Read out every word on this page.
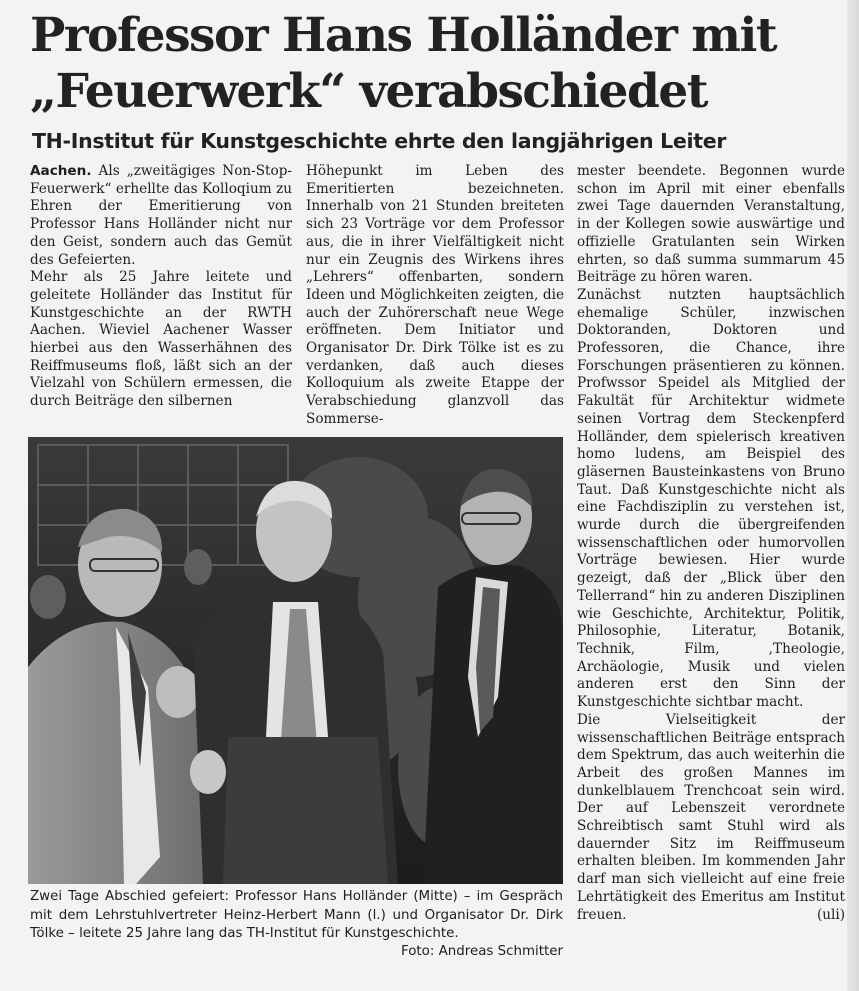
Professor Hans Holländer mit
„Feuerwerk“ verabschiedet
TH-Institut für Kunstgeschichte ehrte den langjährigen Leiter

Aachen. Als „zweitägiges Non-Stop-Feuerwerk“ erhellte das Kolloqium zu Ehren der Emeritierung von Professor Hans Holländer nicht nur den Geist, sondern auch das Gemüt des Gefeierten.

Mehr als 25 Jahre leitete und geleitete Holländer das Institut für Kunstgeschichte an der RWTH Aachen. Wieviel Aachener Wasser hierbei aus den Wasserhähnen des Reiffmuseums floß, läßt sich an der Vielzahl von Schülern ermessen, die durch Beiträge den silbernen

Höhepunkt im Leben des Emeritierten bezeichneten. Innerhalb von 21 Stunden breiteten sich 23 Vorträge vor dem Professor aus, die in ihrer Vielfältigkeit nicht nur ein Zeugnis des Wirkens ihres „Lehrers“ offenbarten, sondern Ideen und Möglichkeiten zeigten, die auch der Zuhörerschaft neue Wege eröffneten. Dem Initiator und Organisator Dr. Dirk Tölke ist es zu verdanken, daß auch dieses Kolloquium als zweite Etappe der Verabschiedung glanzvoll das Sommerse-

mester beendete. Begonnen wurde schon im April mit einer ebenfalls zwei Tage dauernden Veranstaltung, in der Kollegen sowie auswärtige und offizielle Gratulanten sein Wirken ehrten, so daß summa summarum 45 Beiträge zu hören waren.

Zunächst nutzten hauptsächlich ehemalige Schüler, inzwischen Doktoranden, Doktoren und Professoren, die Chance, ihre Forschungen präsentieren zu können. Profwssor Speidel als Mitglied der Fakultät für Architektur widmete seinen Vortrag dem Steckenpferd Holländer, dem spielerisch kreativen homo ludens, am Beispiel des gläsernen Bausteinkastens von Bruno Taut. Daß Kunstgeschichte nicht als eine Fachdisziplin zu verstehen ist, wurde durch die übergreifenden wissenschaftlichen oder humorvollen Vorträge bewiesen. Hier wurde gezeigt, daß der „Blick über den Tellerrand“ hin zu anderen Disziplinen wie Geschichte, Architektur, Politik, Philosophie, Literatur, Botanik, Technik, Film, ,Theologie, Archäologie, Musik und vielen anderen erst den Sinn der Kunstgeschichte sichtbar macht.

Die Vielseitigkeit der wissenschaftlichen Beiträge entsprach dem Spektrum, das auch weiterhin die Arbeit des großen Mannes im dunkelblauem Trenchcoat sein wird. Der auf Lebenszeit verordnete Schreibtisch samt Stuhl wird als dauernder Sitz im Reiffmuseum erhalten bleiben. Im kommenden Jahr darf man sich vielleicht auf eine freie Lehrtätigkeit des Emeritus am Institut freuen.	(uli)

Zwei Tage Abschied gefeiert: Professor Hans Holländer (Mitte) – im Gespräch mit dem Lehrstuhlvertreter Heinz-Herbert Mann (l.) und Organisator Dr. Dirk Tölke – leitete 25 Jahre lang das TH-Institut für Kunstgeschichte.

Foto: Andreas Schmitter
